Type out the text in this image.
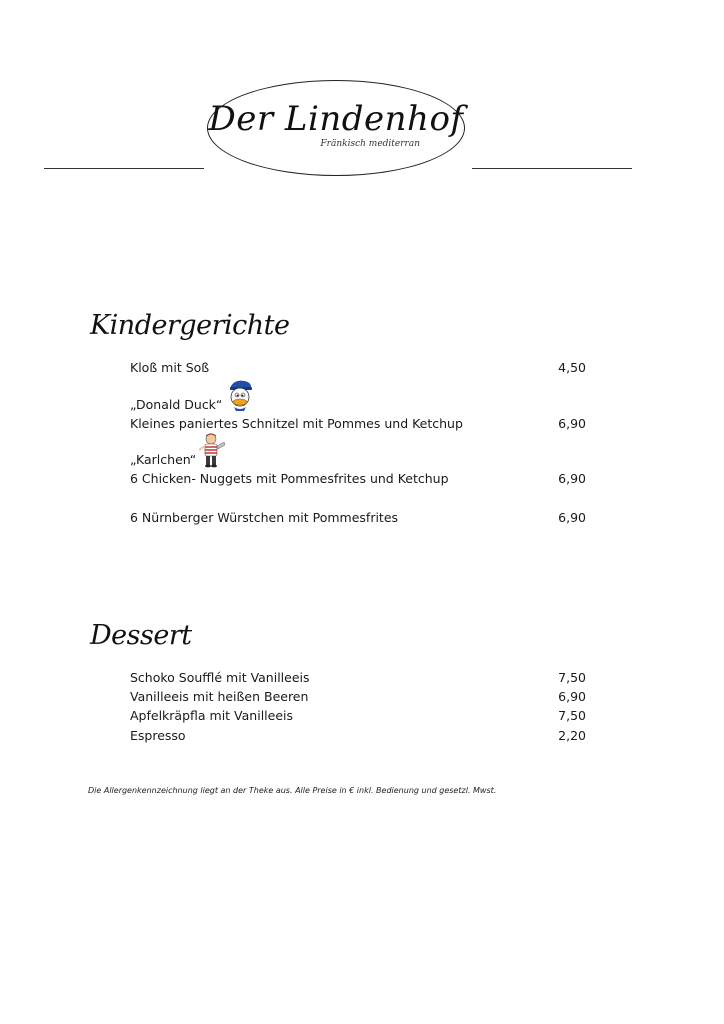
Der Lindenhof
Fränkisch mediterran
Kindergerichte
Kloß mit Soß	4,50
„Donald Duck“
Kleines paniertes Schnitzel mit Pommes und Ketchup	6,90
„Karlchen“
6 Chicken- Nuggets mit Pommesfrites und Ketchup	6,90
6 Nürnberger Würstchen mit Pommesfrites	6,90
Dessert
Schoko Soufflé mit Vanilleeis	7,50
Vanilleeis mit heißen Beeren	6,90
Apfelkräpfla mit Vanilleeis	7,50
Espresso	2,20
Die Allergenkennzeichnung liegt an der Theke aus. Alle Preise in € inkl. Bedienung und gesetzl. Mwst.
